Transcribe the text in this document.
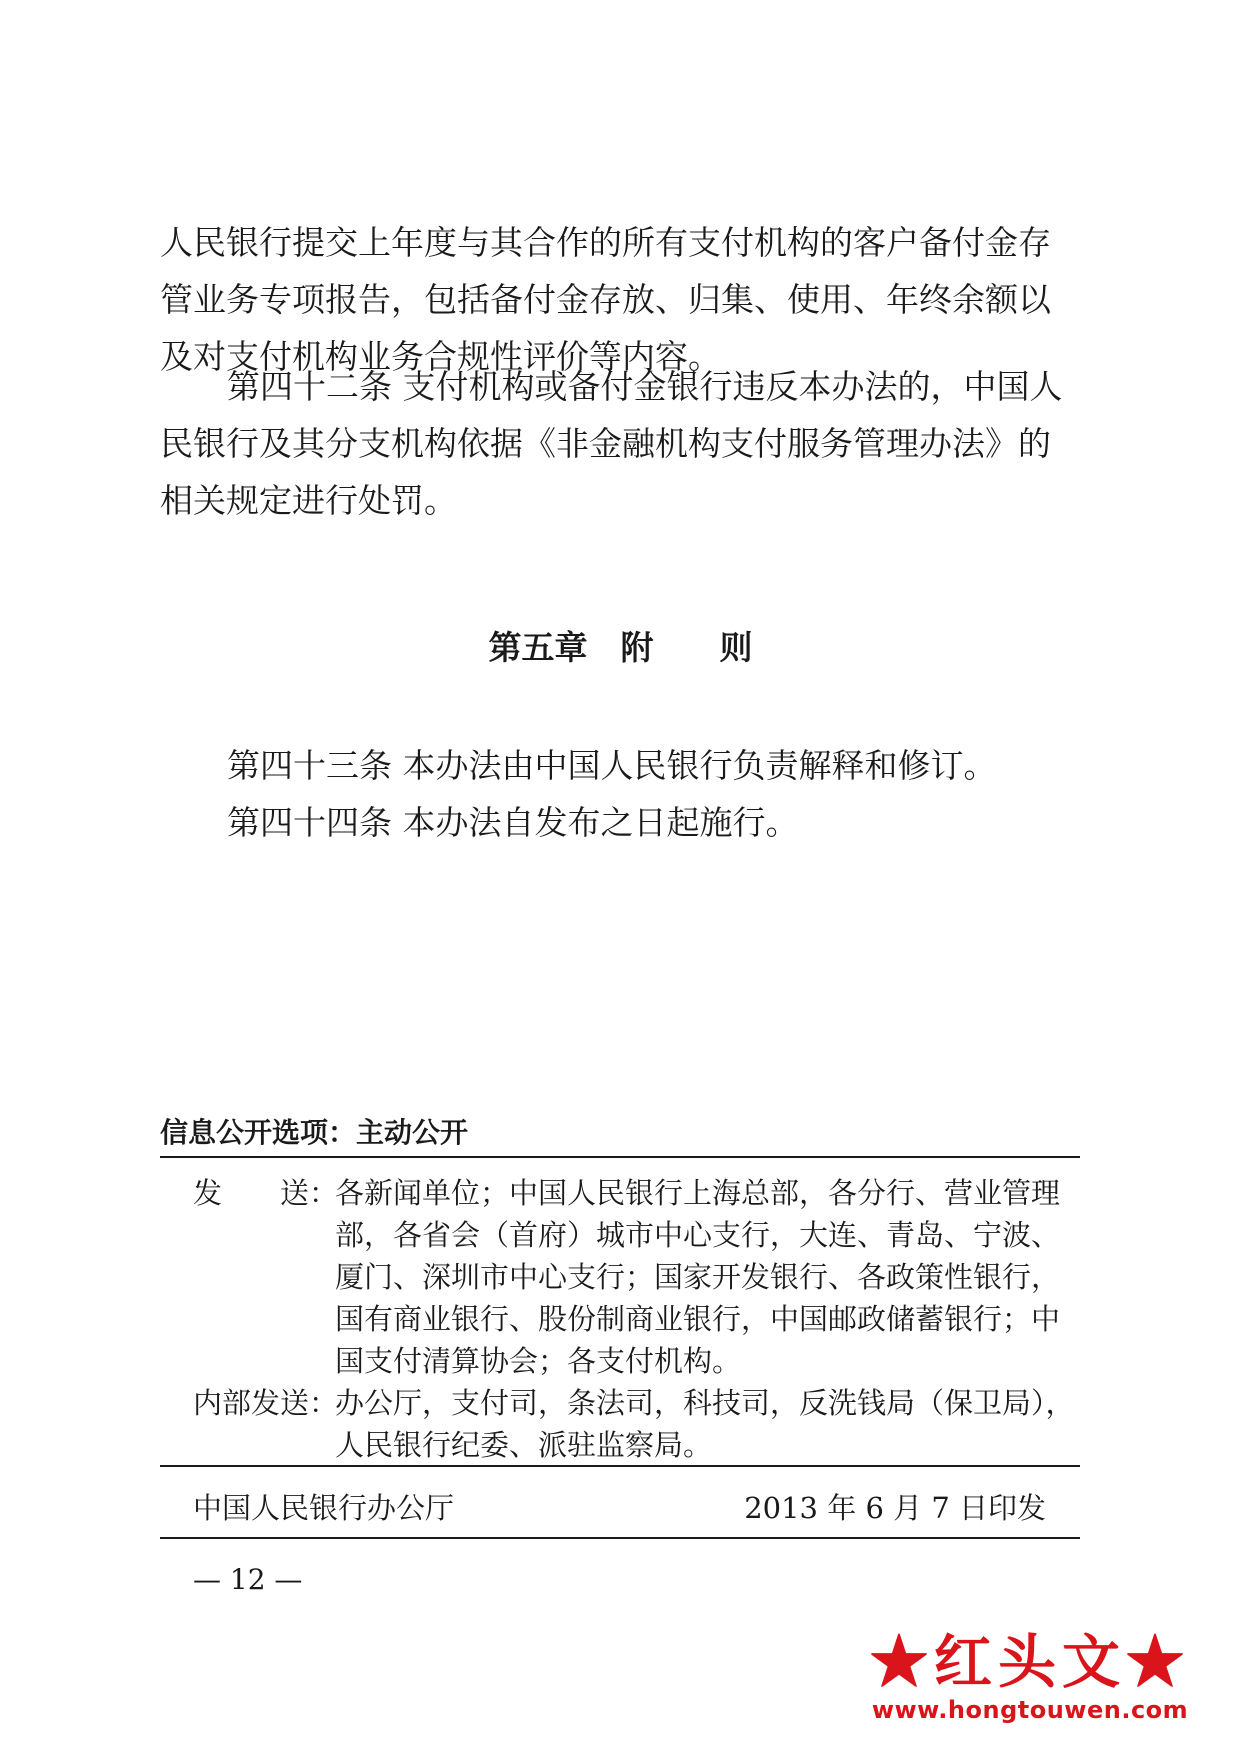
人民银行提交上年度与其合作的所有支付机构的客户备付金存管业务专项报告，包括备付金存放、归集、使用、年终余额以及对支付机构业务合规性评价等内容。

第四十二条 支付机构或备付金银行违反本办法的，中国人民银行及其分支机构依据《非金融机构支付服务管理办法》的相关规定进行处罚。

第五章　附　　则

第四十三条 本办法由中国人民银行负责解释和修订。

第四十四条 本办法自发布之日起施行。

信息公开选项：主动公开
发　　送：

各新闻单位；中国人民银行上海总部，各分行、营业管理部，各省会（首府）城市中心支行，大连、青岛、宁波、厦门、深圳市中心支行；国家开发银行、各政策性银行，国有商业银行、股份制商业银行，中国邮政储蓄银行；中国支付清算协会；各支付机构。

内部发送：

办公厅，支付司，条法司，科技司，反洗钱局（保卫局），人民银行纪委、派驻监察局。

中国人民银行办公厅	2013 年 6 月 7 日印发
— 12 —
★红头文★
www.hongtouwen.com
